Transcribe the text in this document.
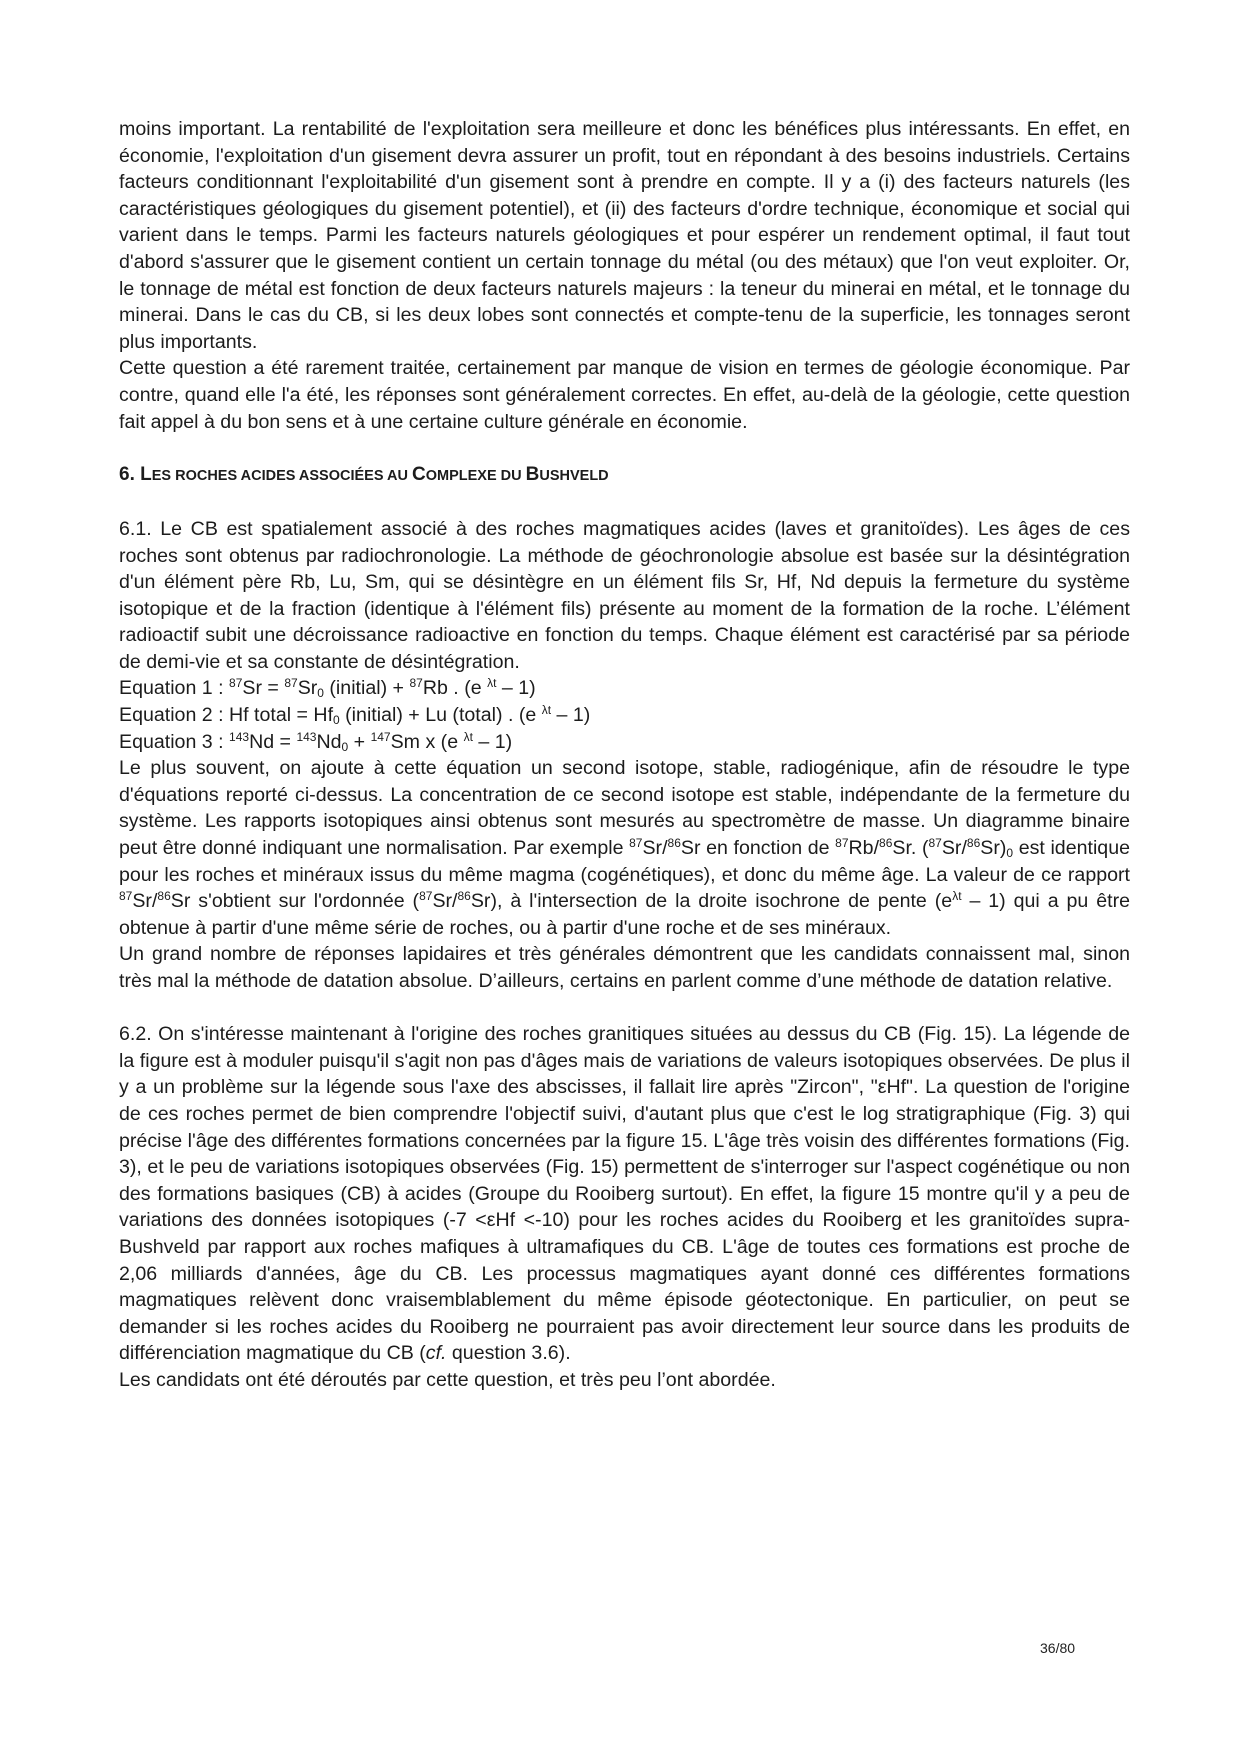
moins important. La rentabilité de l'exploitation sera meilleure et donc les bénéfices plus intéressants. En effet, en économie, l'exploitation d'un gisement devra assurer un profit, tout en répondant à des besoins industriels. Certains facteurs conditionnant l'exploitabilité d'un gisement sont à prendre en compte. Il y a (i) des facteurs naturels (les caractéristiques géologiques du gisement potentiel), et (ii) des facteurs d'ordre technique, économique et social qui varient dans le temps. Parmi les facteurs naturels géologiques et pour espérer un rendement optimal, il faut tout d'abord s'assurer que le gisement contient un certain tonnage du métal (ou des métaux) que l'on veut exploiter. Or, le tonnage de métal est fonction de deux facteurs naturels majeurs : la teneur du minerai en métal, et le tonnage du minerai. Dans le cas du CB, si les deux lobes sont connectés et compte-tenu de la superficie, les tonnages seront plus importants.

Cette question a été rarement traitée, certainement par manque de vision en termes de géologie économique. Par contre, quand elle l'a été, les réponses sont généralement correctes. En effet, au-delà de la géologie, cette question fait appel à du bon sens et à une certaine culture générale en économie.

6. LES ROCHES ACIDES ASSOCIÉES AU COMPLEXE DU BUSHVELD

6.1. Le CB est spatialement associé à des roches magmatiques acides (laves et granitoïdes). Les âges de ces roches sont obtenus par radiochronologie. La méthode de géochronologie absolue est basée sur la désintégration d'un élément père Rb, Lu, Sm, qui se désintègre en un élément fils Sr, Hf, Nd depuis la fermeture du système isotopique et de la fraction (identique à l'élément fils) présente au moment de la formation de la roche. L’élément radioactif subit une décroissance radioactive en fonction du temps. Chaque élément est caractérisé par sa période de demi-vie et sa constante de désintégration.

Equation 1 : $^{87}Sr = ^{87}Sr_0$ (initial) + $^{87}$Rb . (e $^{\lambda t}$ – 1)

Equation 2 : Hf total = $Hf_0$ (initial) + Lu (total) . (e $^{\lambda t}$ – 1)

Equation 3 : $^{143}Nd = ^{143}Nd_0 + ^{147}Sm$ x (e $^{\lambda t}$ – 1)

Le plus souvent, on ajoute à cette équation un second isotope, stable, radiogénique, afin de résoudre le type d'équations reporté ci-dessus. La concentration de ce second isotope est stable, indépendante de la fermeture du système. Les rapports isotopiques ainsi obtenus sont mesurés au spectromètre de masse. Un diagramme binaire peut être donné indiquant une normalisation. Par exemple $^{87}$Sr/$^{86}$Sr en fonction de $^{87}$Rb/$^{86}$Sr. $(^{87}Sr/^{86}Sr)_0$ est identique pour les roches et minéraux issus du même magma (cogénétiques), et donc du même âge. La valeur de ce rapport $^{87}$Sr/$^{86}$Sr s'obtient sur l'ordonnée ($^{87}$Sr/$^{86}$Sr), à l'intersection de la droite isochrone de pente $(e^{\lambda t} - 1)$ qui a pu être obtenue à partir d'une même série de roches, ou à partir d'une roche et de ses minéraux.

Un grand nombre de réponses lapidaires et très générales démontrent que les candidats connaissent mal, sinon très mal la méthode de datation absolue. D’ailleurs, certains en parlent comme d’une méthode de datation relative.

6.2. On s'intéresse maintenant à l'origine des roches granitiques situées au dessus du CB (Fig. 15). La légende de la figure est à moduler puisqu'il s'agit non pas d'âges mais de variations de valeurs isotopiques observées. De plus il y a un problème sur la légende sous l'axe des abscisses, il fallait lire après "Zircon", "εHf". La question de l'origine de ces roches permet de bien comprendre l'objectif suivi, d'autant plus que c'est le log stratigraphique (Fig. 3) qui précise l'âge des différentes formations concernées par la figure 15. L'âge très voisin des différentes formations (Fig. 3), et le peu de variations isotopiques observées (Fig. 15) permettent de s'interroger sur l'aspect cogénétique ou non des formations basiques (CB) à acides (Groupe du Rooiberg surtout). En effet, la figure 15 montre qu'il y a peu de variations des données isotopiques (-7 <εHf <-10) pour les roches acides du Rooiberg et les granitoïdes supra-Bushveld par rapport aux roches mafiques à ultramafiques du CB. L'âge de toutes ces formations est proche de 2,06 milliards d'années, âge du CB. Les processus magmatiques ayant donné ces différentes formations magmatiques relèvent donc vraisemblablement du même épisode géotectonique. En particulier, on peut se demander si les roches acides du Rooiberg ne pourraient pas avoir directement leur source dans les produits de différenciation magmatique du CB (cf. question 3.6).

Les candidats ont été déroutés par cette question, et très peu l’ont abordée.

36/80
